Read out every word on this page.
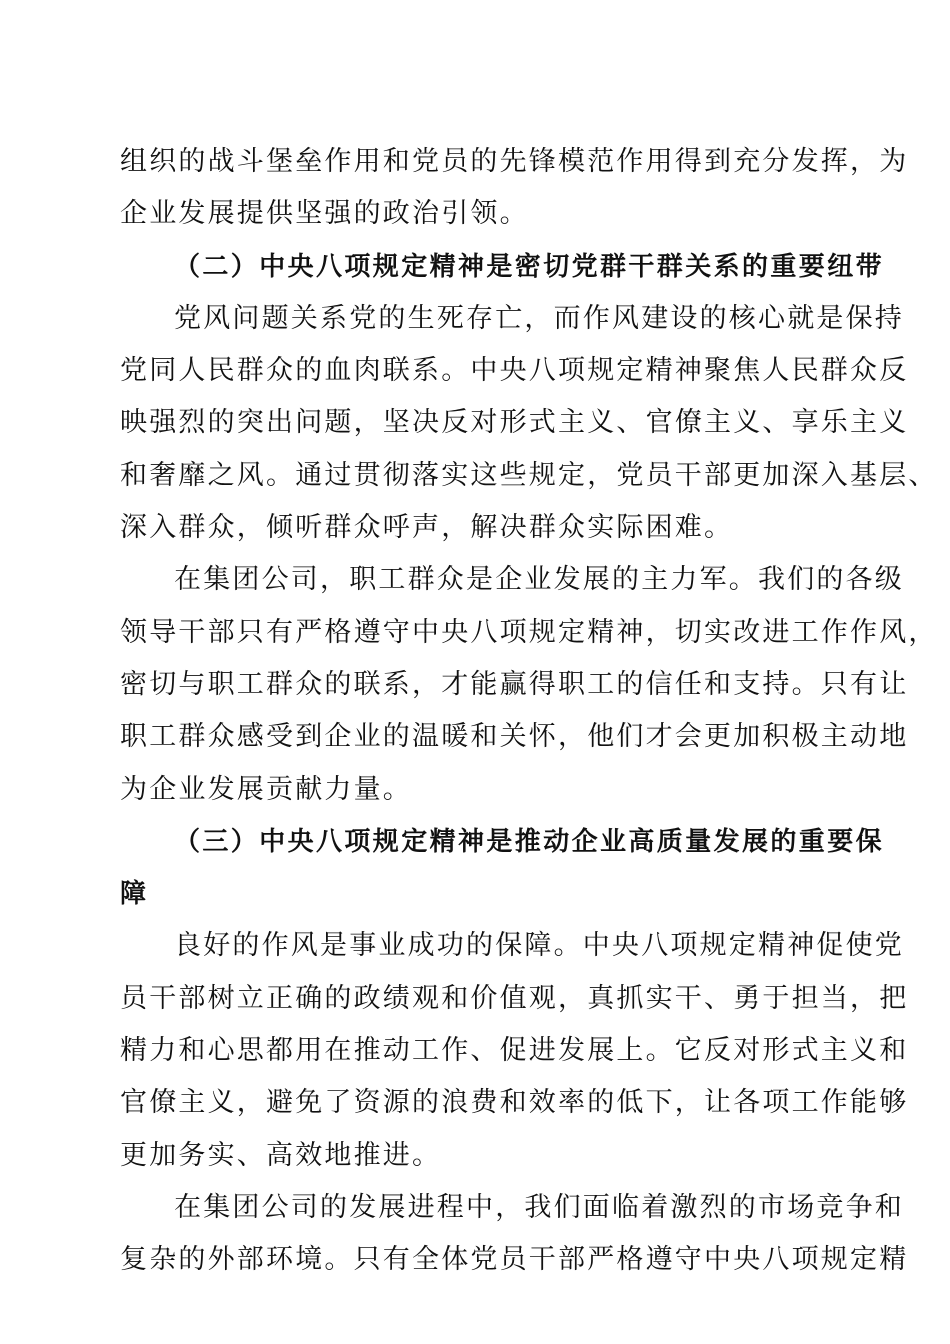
组织的战斗堡垒作用和党员的先锋模范作用得到充分发挥，为
企业发展提供坚强的政治引领。
（二）中央八项规定精神是密切党群干群关系的重要纽带
党风问题关系党的生死存亡，而作风建设的核心就是保持
党同人民群众的血肉联系。中央八项规定精神聚焦人民群众反
映强烈的突出问题，坚决反对形式主义、官僚主义、享乐主义
和奢靡之风。通过贯彻落实这些规定，党员干部更加深入基层、
深入群众，倾听群众呼声，解决群众实际困难。
在集团公司，职工群众是企业发展的主力军。我们的各级
领导干部只有严格遵守中央八项规定精神，切实改进工作作风，
密切与职工群众的联系，才能赢得职工的信任和支持。只有让
职工群众感受到企业的温暖和关怀，他们才会更加积极主动地
为企业发展贡献力量。
（三）中央八项规定精神是推动企业高质量发展的重要保
障
良好的作风是事业成功的保障。中央八项规定精神促使党
员干部树立正确的政绩观和价值观，真抓实干、勇于担当，把
精力和心思都用在推动工作、促进发展上。它反对形式主义和
官僚主义，避免了资源的浪费和效率的低下，让各项工作能够
更加务实、高效地推进。
在集团公司的发展进程中，我们面临着激烈的市场竞争和
复杂的外部环境。只有全体党员干部严格遵守中央八项规定精
